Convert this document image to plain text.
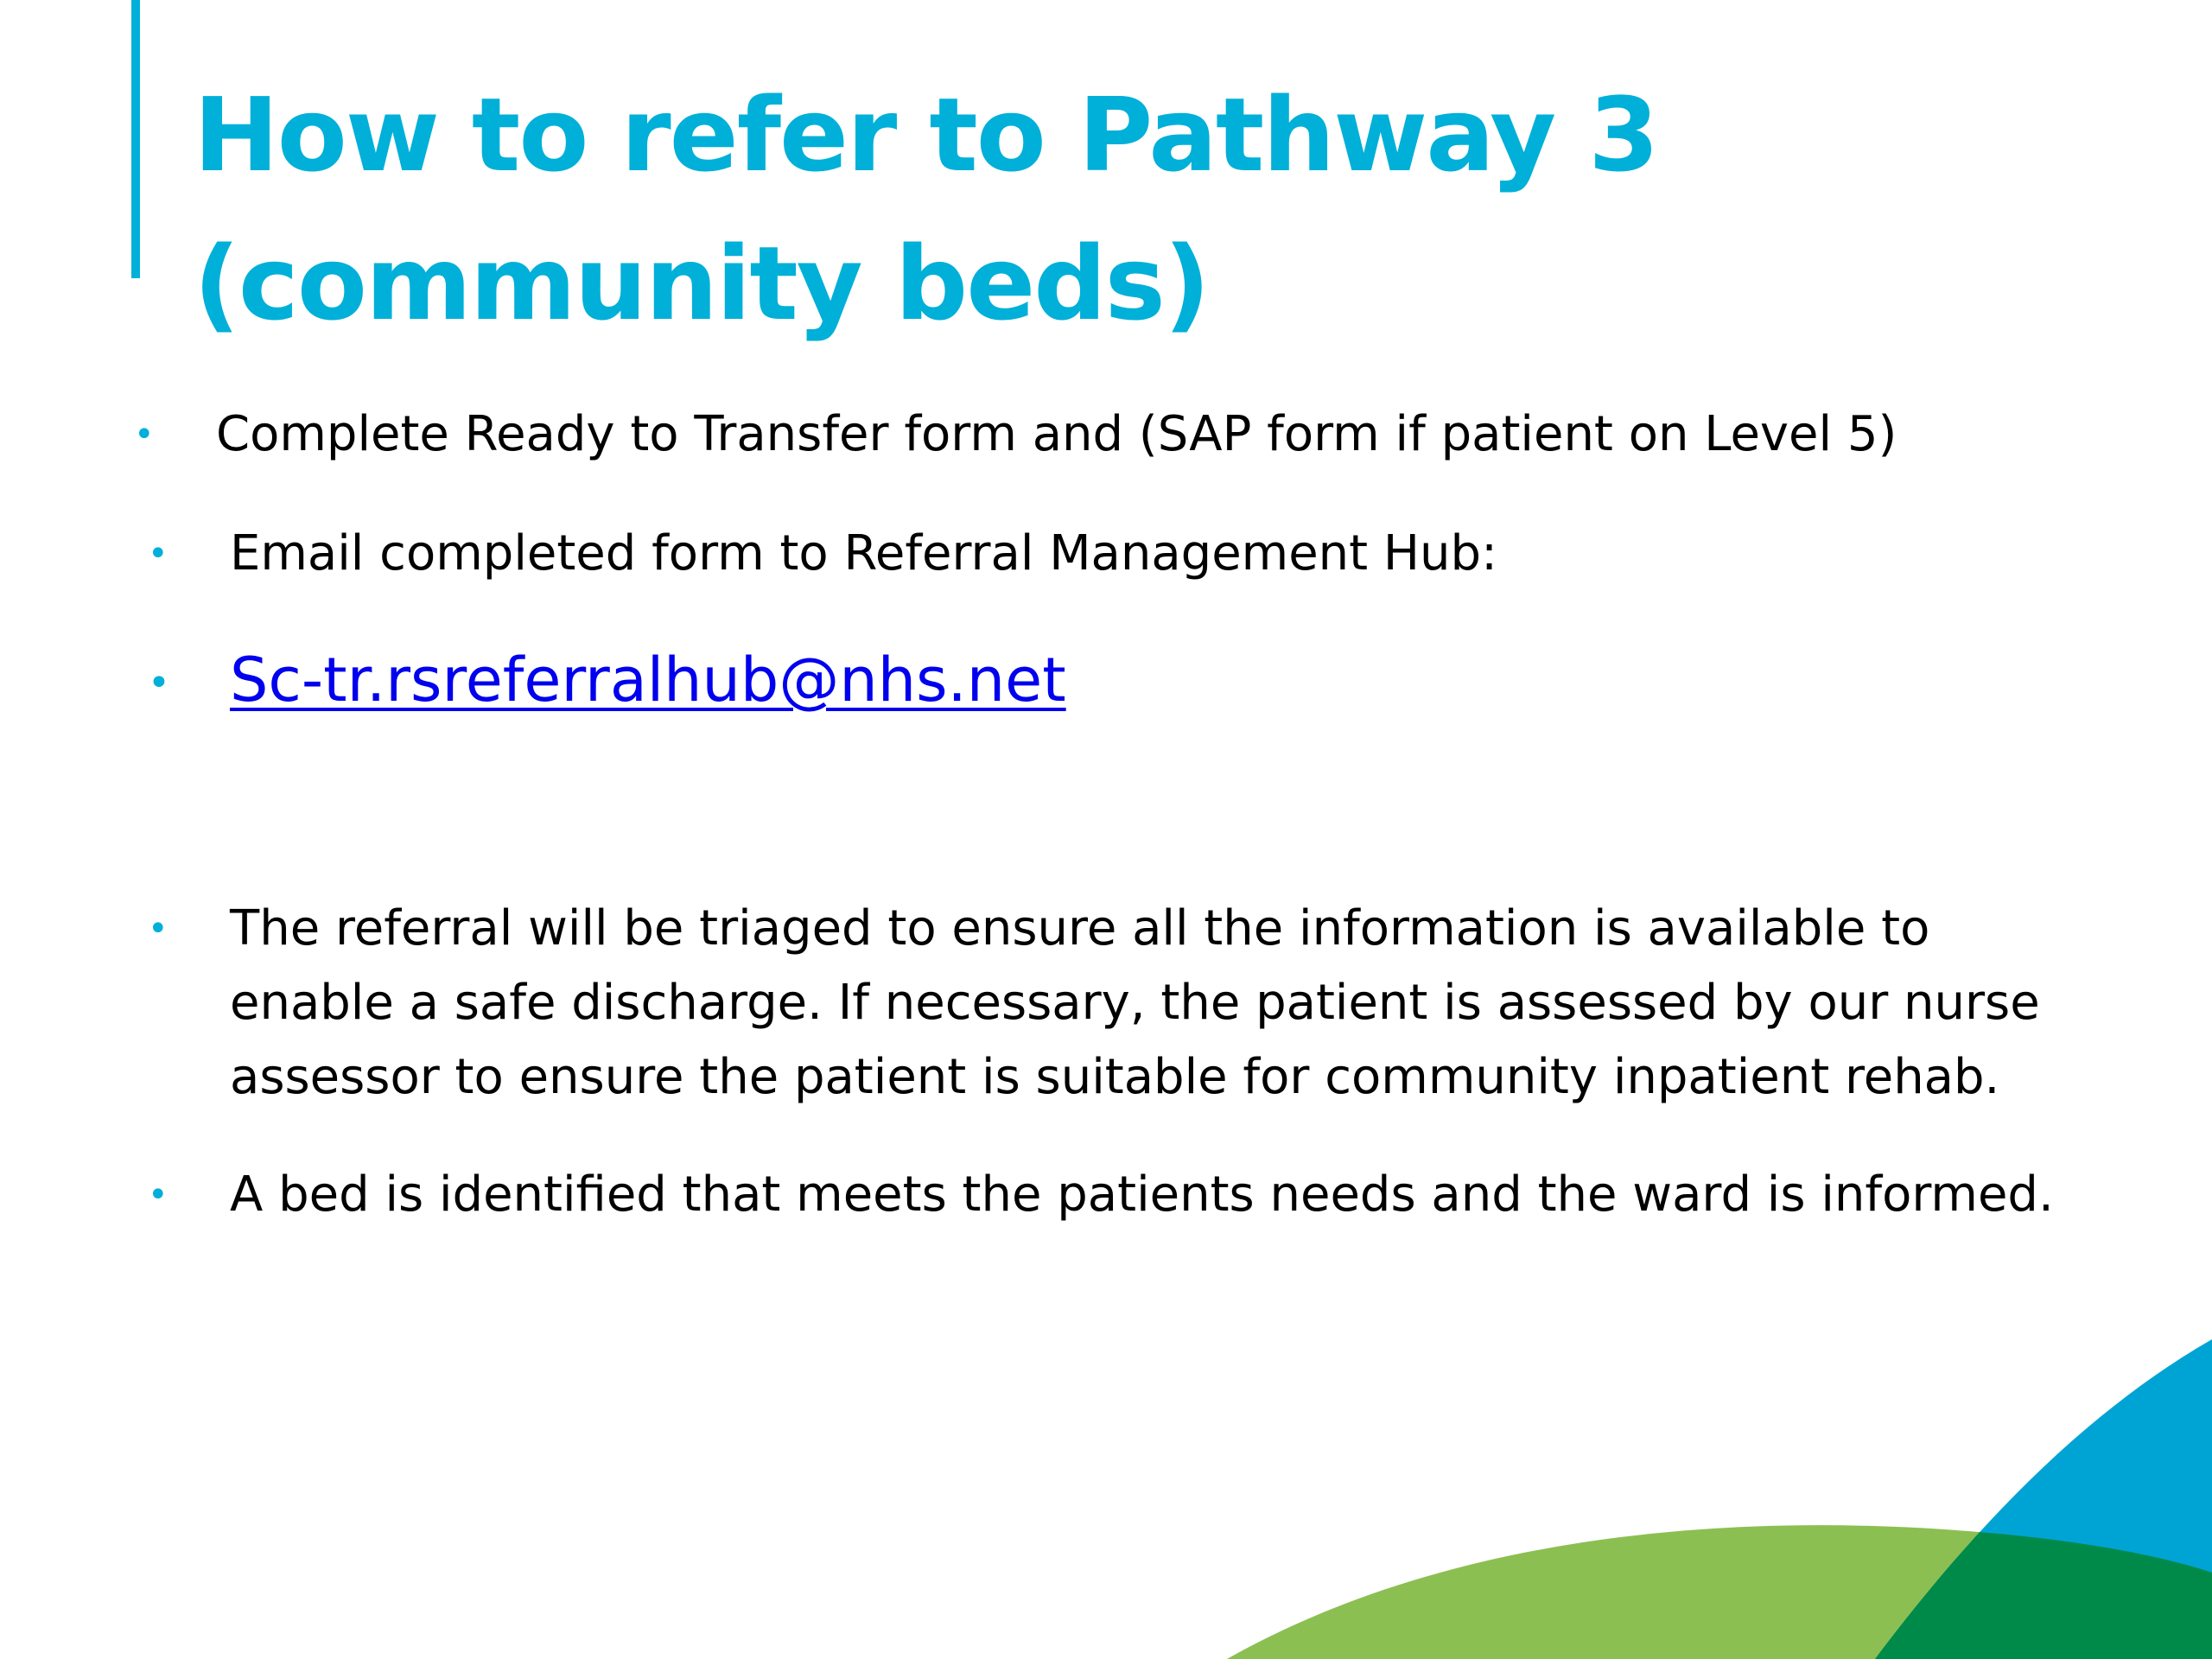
How to refer to Pathway 3 (community beds)
• Complete Ready to Transfer form and (SAP form if patient on Level 5)
• Email completed form to Referral Management Hub:
• Sc-tr.rsreferralhub@nhs.net
• The referral will be triaged to ensure all the information is available to enable a safe discharge. If necessary, the patient is assessed by our nurse assessor to ensure the patient is suitable for community inpatient rehab.
• A bed is identified that meets the patients needs and the ward is informed.
